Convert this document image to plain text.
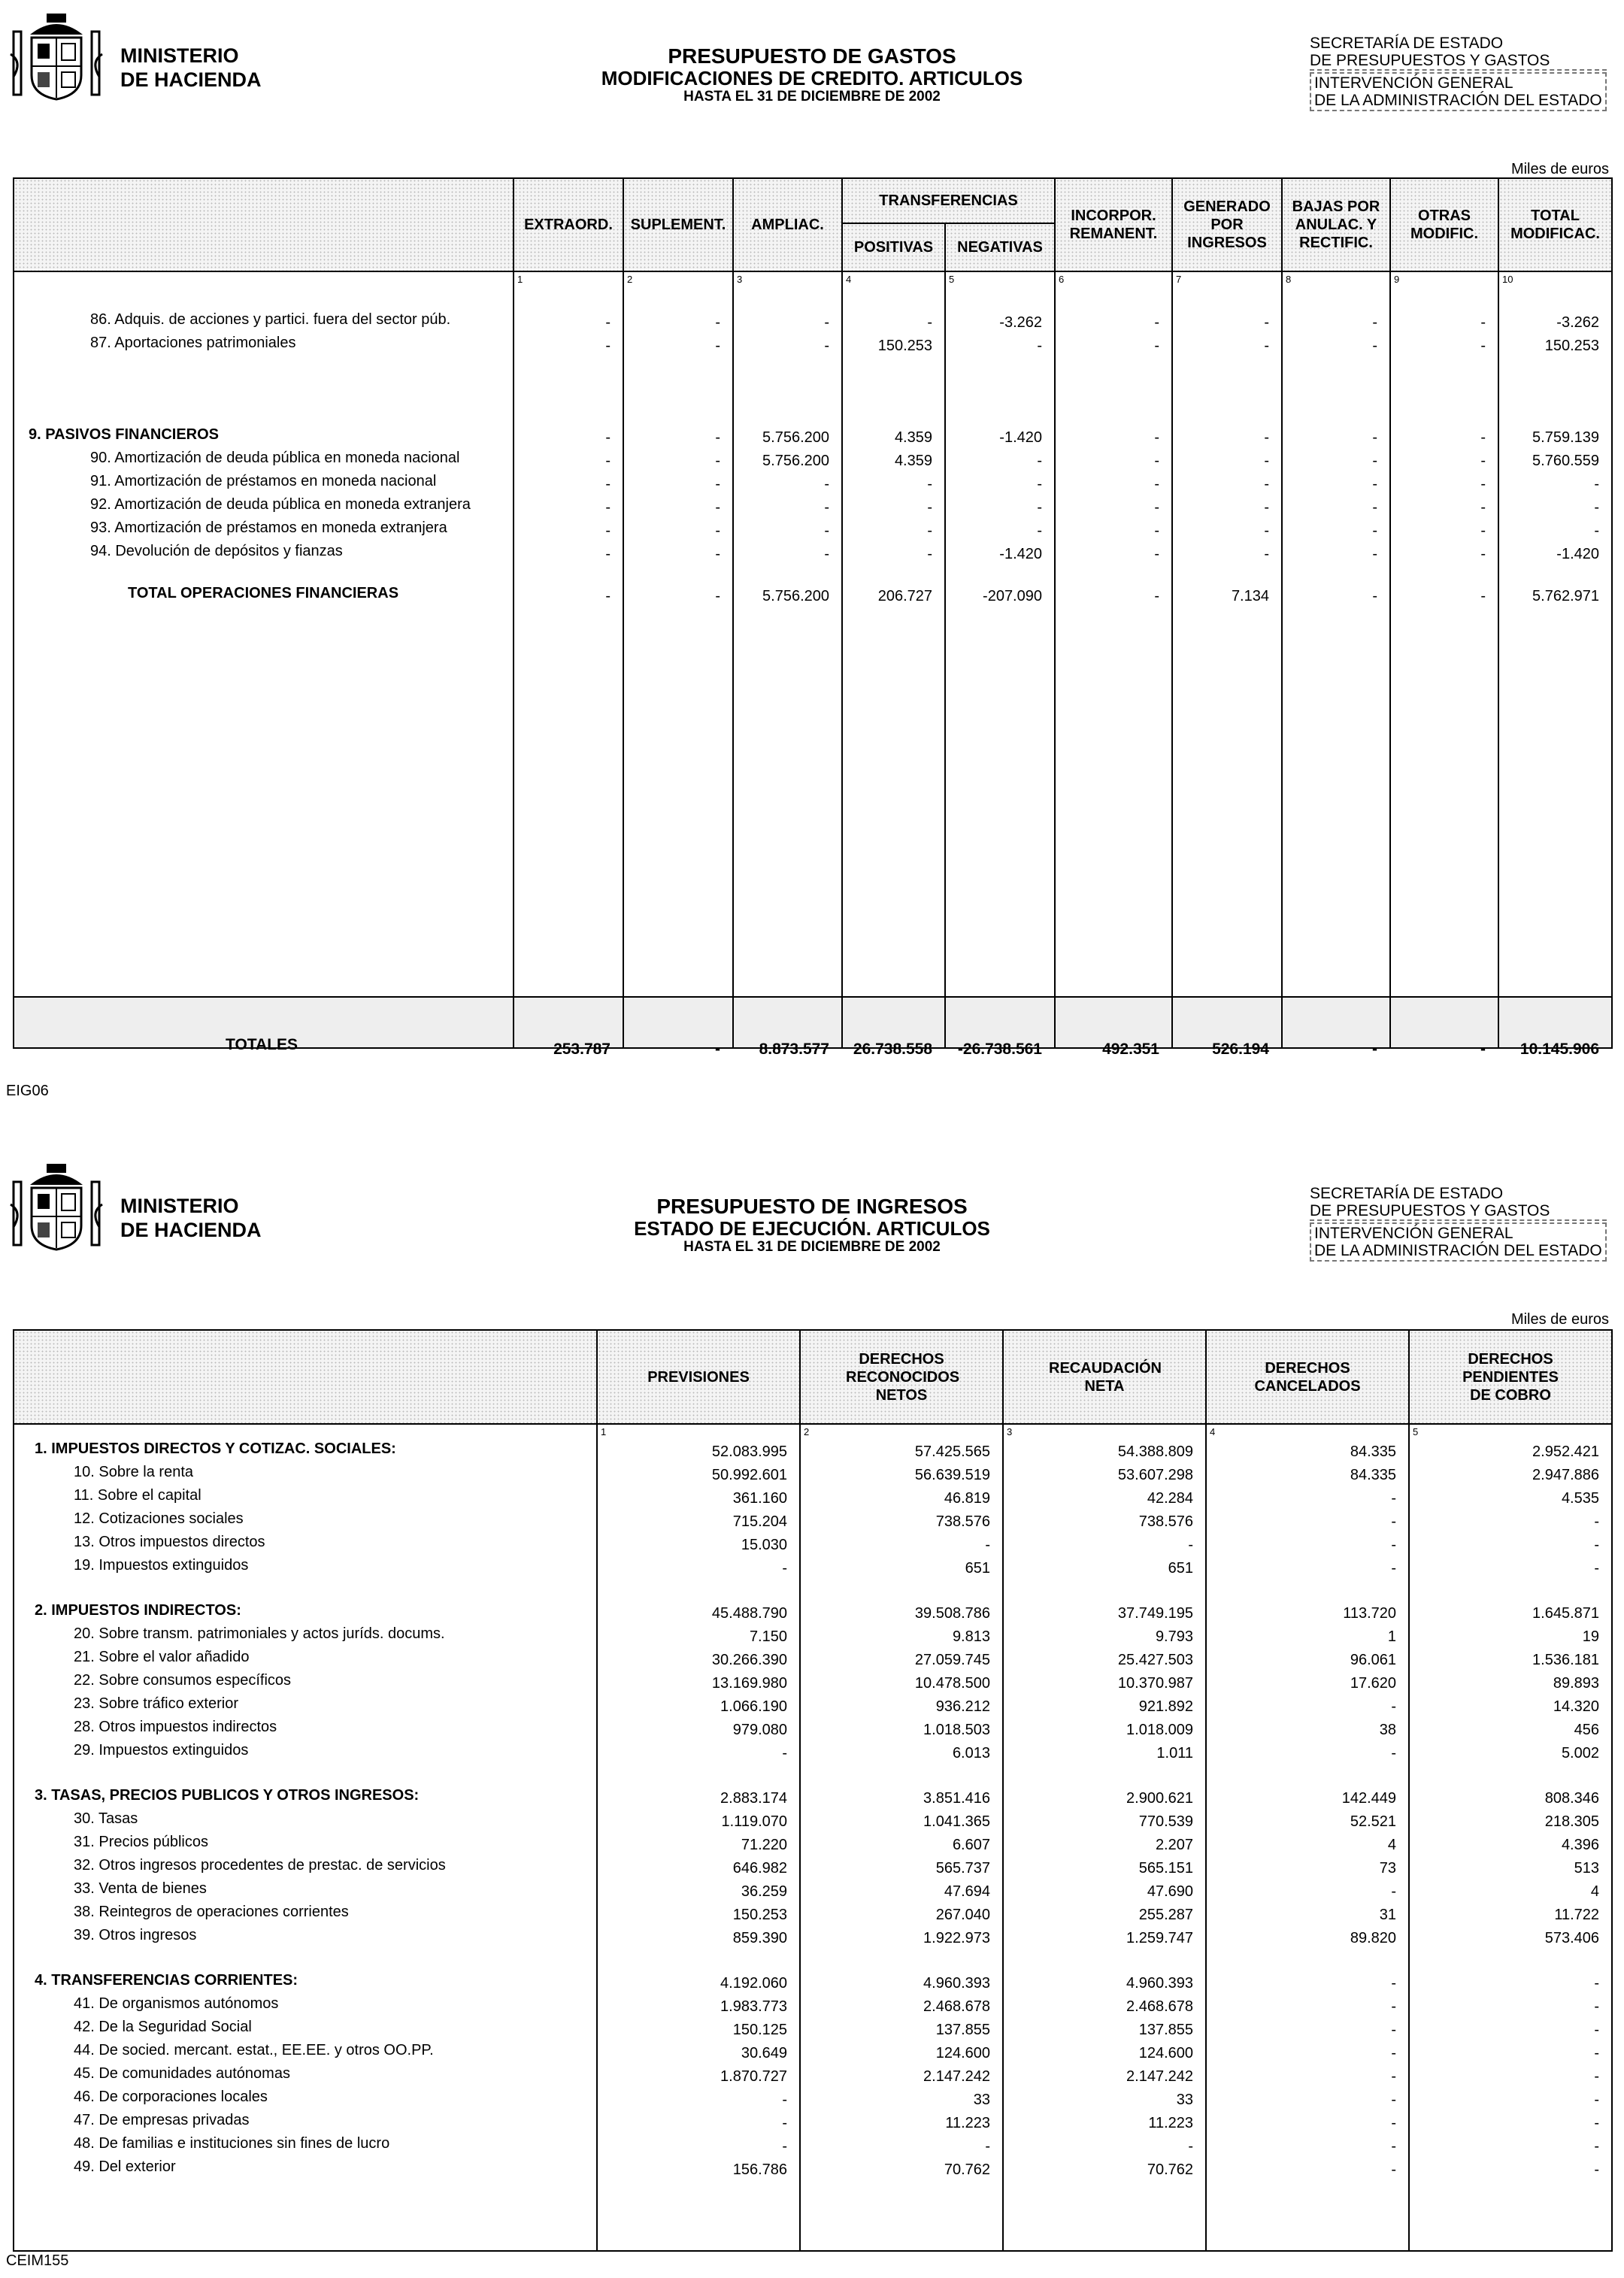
MINISTERIO
DE HACIENDA
PRESUPUESTO DE GASTOS
MODIFICACIONES DE CREDITO. ARTICULOS
HASTA EL 31 DE DICIEMBRE DE 2002
SECRETARÍA DE ESTADO
DE PRESUPUESTOS Y GASTOS
INTERVENCIÓN GENERAL
DE LA ADMINISTRACIÓN DEL ESTADO
Miles de euros
	EXTRAORD.	SUPLEMENT.	AMPLIAC.	TRANSFERENCIAS		INCORPOR. REMANENT.	GENERADO POR INGRESOS	BAJAS POR ANULAC. Y RECTIFIC.	OTRAS MODIFIC.	TOTAL MODIFICAC.
				POSITIVAS	NEGATIVAS					

	1	2	3	4	5	6	7	8	9	10

86. Adquis. de acciones y partici. fuera del sector púb.	-	-	-	-	-3.262	-	-	-	-	-3.262
87. Aportaciones patrimoniales	-	-	-	150.253	-	-	-	-	-	150.253
9. PASIVOS FINANCIEROS	-	-	5.756.200	4.359	-1.420	-	-	-	-	5.759.139
90. Amortización de deuda pública en moneda nacional	-	-	5.756.200	4.359	-	-	-	-	-	5.760.559
91. Amortización de préstamos en moneda nacional	-	-	-	-	-	-	-	-	-	-
92. Amortización de deuda pública en moneda extranjera	-	-	-	-	-	-	-	-	-	-
93. Amortización de préstamos en moneda extranjera	-	-	-	-	-	-	-	-	-	-
94. Devolución de depósitos y fianzas	-	-	-	-	-1.420	-	-	-	-	-1.420
TOTAL OPERACIONES FINANCIERAS	-	-	5.756.200	206.727	-207.090	-	7.134	-	-	5.762.971
TOTALES	253.787	-	8.873.577	26.738.558	-26.738.561	492.351	526.194	-	-	10.145.906
EIG06
MINISTERIO
DE HACIENDA
PRESUPUESTO DE INGRESOS
ESTADO DE EJECUCIÓN. ARTICULOS
HASTA EL 31 DE DICIEMBRE DE 2002
SECRETARÍA DE ESTADO
DE PRESUPUESTOS Y GASTOS
INTERVENCIÓN GENERAL
DE LA ADMINISTRACIÓN DEL ESTADO
Miles de euros
	PREVISIONES	DERECHOS RECONOCIDOS NETOS	RECAUDACIÓN NETA	DERECHOS CANCELADOS	DERECHOS PENDIENTES DE COBRO

	1	2	3	4	5
1. IMPUESTOS DIRECTOS Y COTIZAC. SOCIALES:	52.083.995	57.425.565	54.388.809	84.335	2.952.421
10. Sobre la renta	50.992.601	56.639.519	53.607.298	84.335	2.947.886
11. Sobre el capital	361.160	46.819	42.284	-	4.535
12. Cotizaciones sociales	715.204	738.576	738.576	-	-
13. Otros impuestos directos	15.030	-	-	-	-
19. Impuestos extinguidos	-	651	651	-	-
2. IMPUESTOS INDIRECTOS:	45.488.790	39.508.786	37.749.195	113.720	1.645.871
20. Sobre transm. patrimoniales y actos juríds. docums.	7.150	9.813	9.793	1	19
21. Sobre el valor añadido	30.266.390	27.059.745	25.427.503	96.061	1.536.181
22. Sobre consumos específicos	13.169.980	10.478.500	10.370.987	17.620	89.893
23. Sobre tráfico exterior	1.066.190	936.212	921.892	-	14.320
28. Otros impuestos indirectos	979.080	1.018.503	1.018.009	38	456
29. Impuestos extinguidos	-	6.013	1.011	-	5.002
3. TASAS, PRECIOS PUBLICOS Y OTROS INGRESOS:	2.883.174	3.851.416	2.900.621	142.449	808.346
30. Tasas	1.119.070	1.041.365	770.539	52.521	218.305
31. Precios públicos	71.220	6.607	2.207	4	4.396
32. Otros ingresos procedentes de prestac. de servicios	646.982	565.737	565.151	73	513
33. Venta de bienes	36.259	47.694	47.690	-	4
38. Reintegros de operaciones corrientes	150.253	267.040	255.287	31	11.722
39. Otros ingresos	859.390	1.922.973	1.259.747	89.820	573.406
4. TRANSFERENCIAS CORRIENTES:	4.192.060	4.960.393	4.960.393	-	-
41. De organismos autónomos	1.983.773	2.468.678	2.468.678	-	-
42. De la Seguridad Social	150.125	137.855	137.855	-	-
44. De socied. mercant. estat., EE.EE. y otros OO.PP.	30.649	124.600	124.600	-	-
45. De comunidades autónomas	1.870.727	2.147.242	2.147.242	-	-
46. De corporaciones locales	-	33	33	-	-
47. De empresas privadas	-	11.223	11.223	-	-
48. De familias e instituciones sin fines de lucro	-	-	-	-	-
49. Del exterior	156.786	70.762	70.762	-	-
CEIM155
